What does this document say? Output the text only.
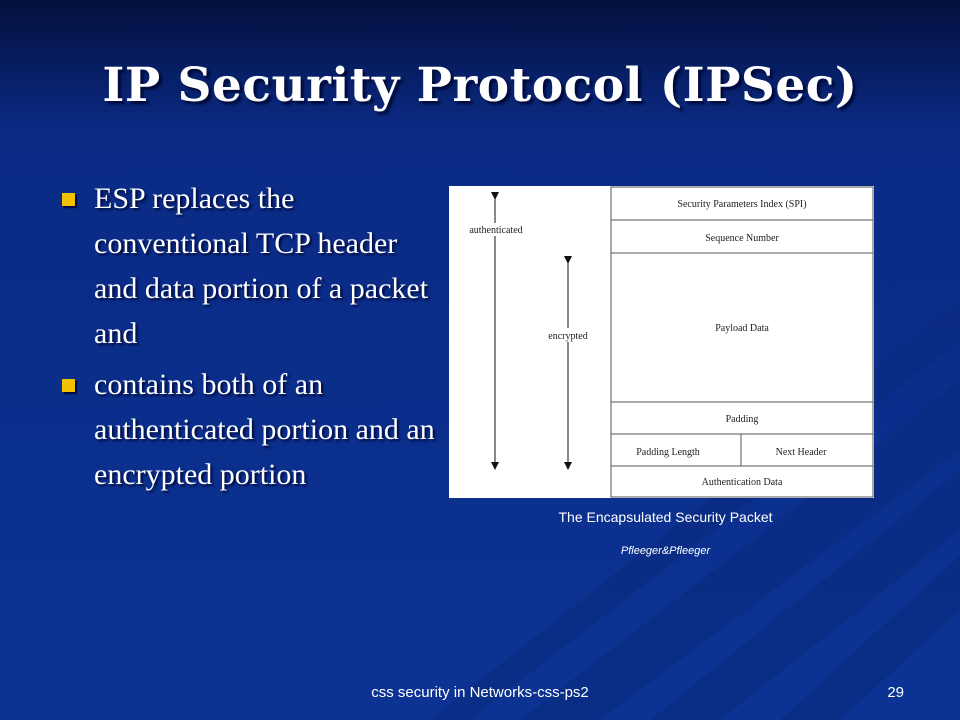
IP Security Protocol (IPSec)
ESP replaces the conventional TCP header and data portion of a packet and
contains both of an authenticated portion and an encrypted portion
Security Parameters Index (SPI)
Sequence Number
Payload Data
Padding
Padding Length	Next Header
Authentication Data
authenticated
encrypted
The Encapsulated Security Packet
Pfleeger&Pfleeger
css security in Networks-css-ps2	29
